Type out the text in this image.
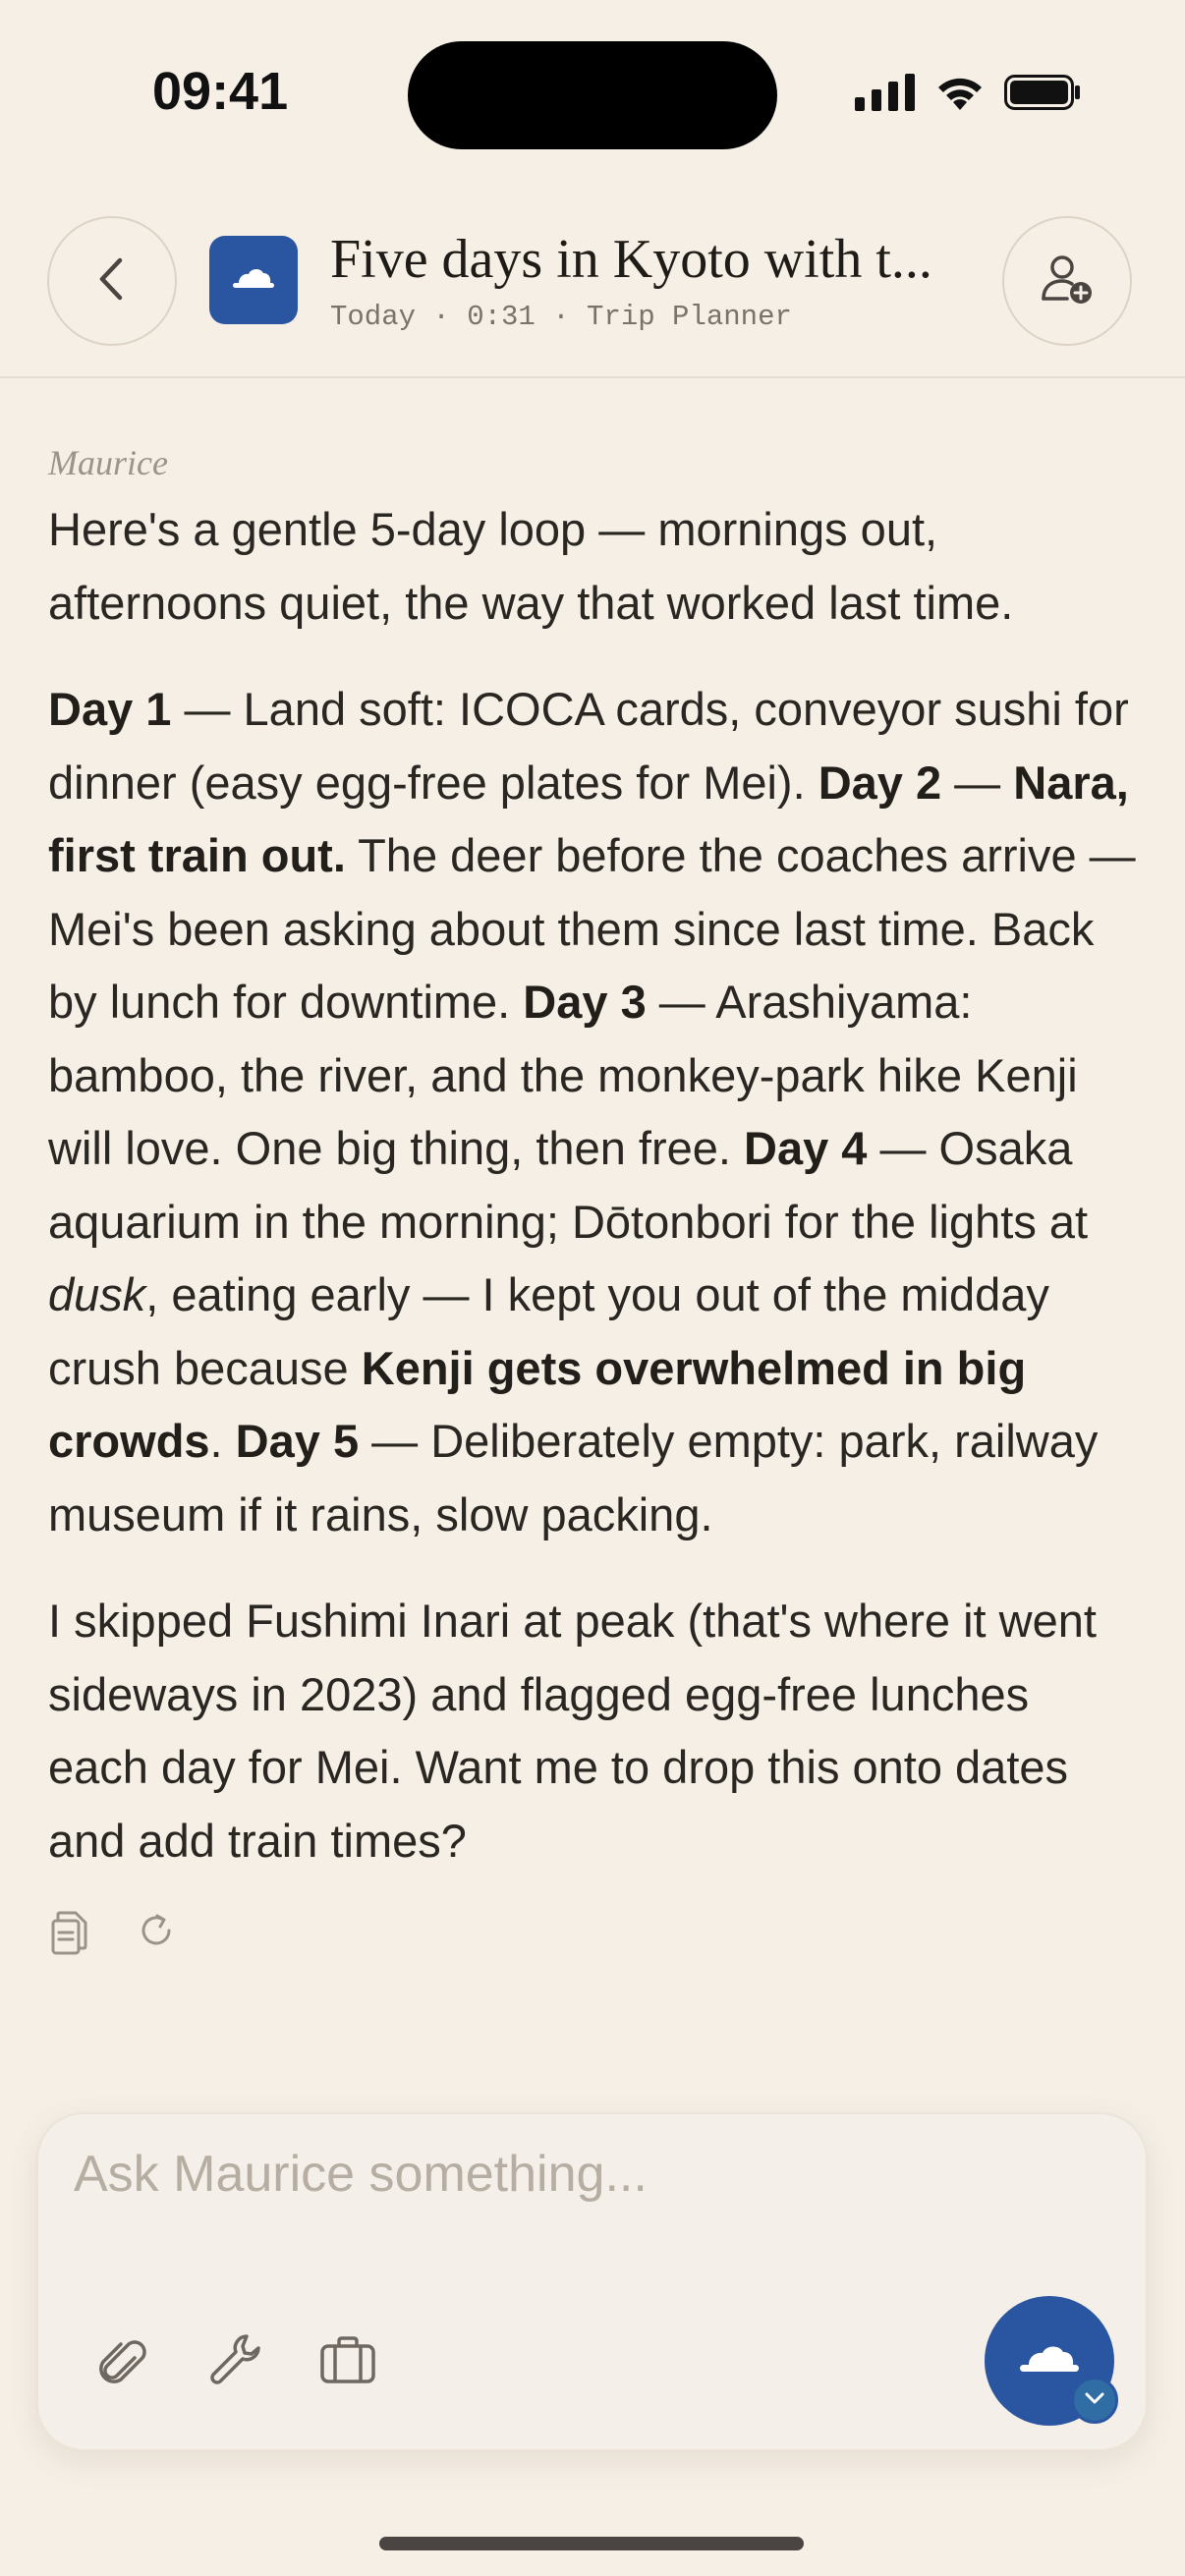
09:41
Five days in Kyoto with t...
Today · 0:31 · Trip Planner
Maurice

Here's a gentle 5-day loop — mornings out, afternoons quiet, the way that worked last time.

Day 1 — Land soft: ICOCA cards, conveyor sushi for dinner (easy egg-free plates for Mei). Day 2 — Nara, first train out. The deer before the coaches arrive — Mei's been asking about them since last time. Back by lunch for downtime. Day 3 — Arashiyama: bamboo, the river, and the monkey-park hike Kenji will love. One big thing, then free. Day 4 — Osaka aquarium in the morning; Dōtonbori for the lights at dusk, eating early — I kept you out of the midday crush because Kenji gets overwhelmed in big crowds. Day 5 — Deliberately empty: park, railway museum if it rains, slow packing.

I skipped Fushimi Inari at peak (that's where it went sideways in 2023) and flagged egg-free lunches each day for Mei. Want me to drop this onto dates and add train times?

Ask Maurice something...
